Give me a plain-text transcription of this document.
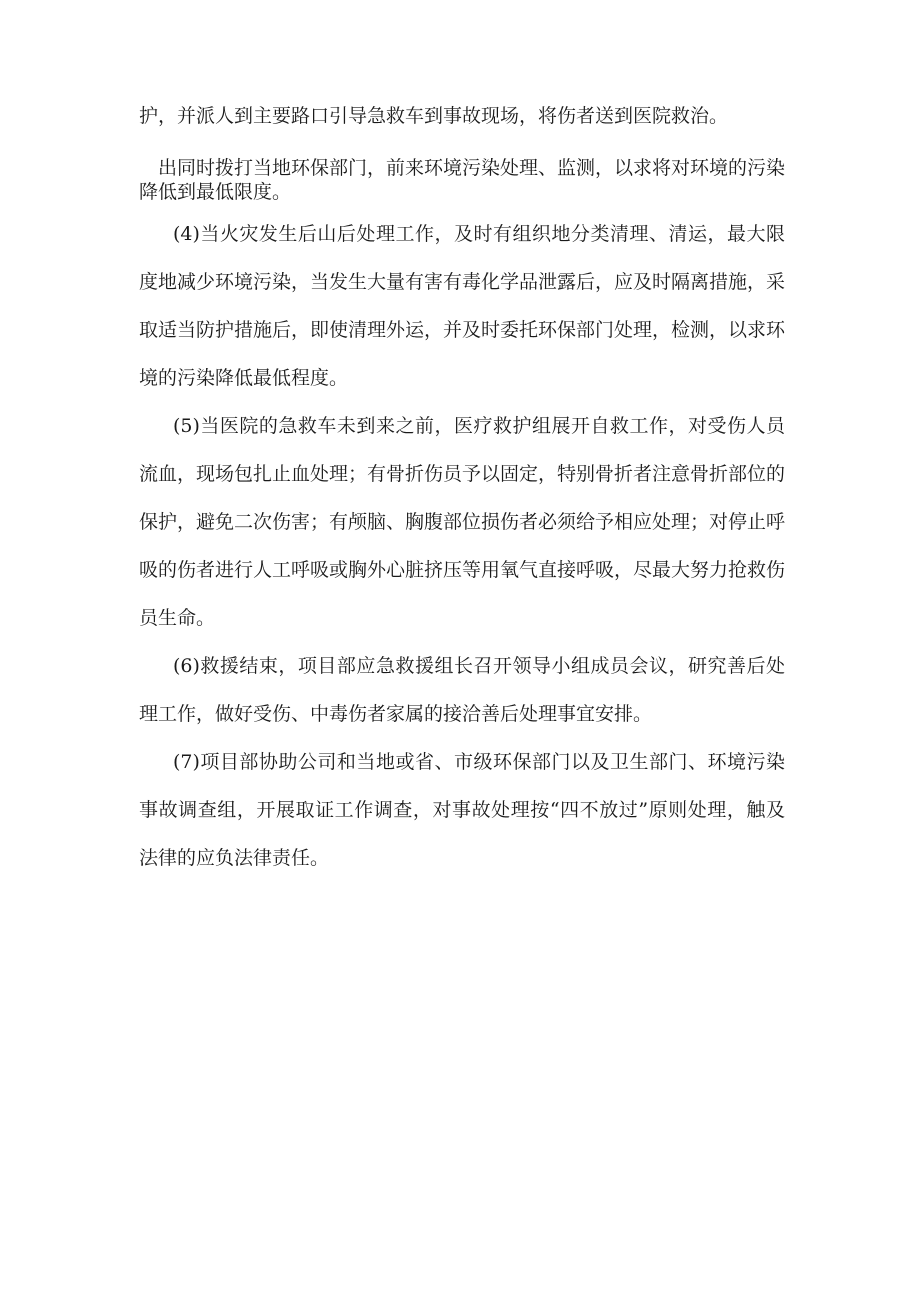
护，并派人到主要路口引导急救车到事故现场，将伤者送到医院救治。

出同时拨打当地环保部门，前来环境污染处理、监测，以求将对环境的污染降低到最低限度。

(4)当火灾发生后山后处理工作，及时有组织地分类清理、清运，最大限度地减少环境污染，当发生大量有害有毒化学品泄露后，应及时隔离措施，采取适当防护措施后，即使清理外运，并及时委托环保部门处理，检测，以求环境的污染降低最低程度。

(5)当医院的急救车未到来之前，医疗救护组展开自救工作，对受伤人员流血，现场包扎止血处理；有骨折伤员予以固定，特别骨折者注意骨折部位的保护，避免二次伤害；有颅脑、胸腹部位损伤者必须给予相应处理；对停止呼吸的伤者进行人工呼吸或胸外心脏挤压等用氧气直接呼吸，尽最大努力抢救伤员生命。

(6)救援结束，项目部应急救援组长召开领导小组成员会议，研究善后处理工作，做好受伤、中毒伤者家属的接洽善后处理事宜安排。

(7)项目部协助公司和当地或省、市级环保部门以及卫生部门、环境污染事故调查组，开展取证工作调查，对事故处理按“四不放过”原则处理，触及法律的应负法律责任。
